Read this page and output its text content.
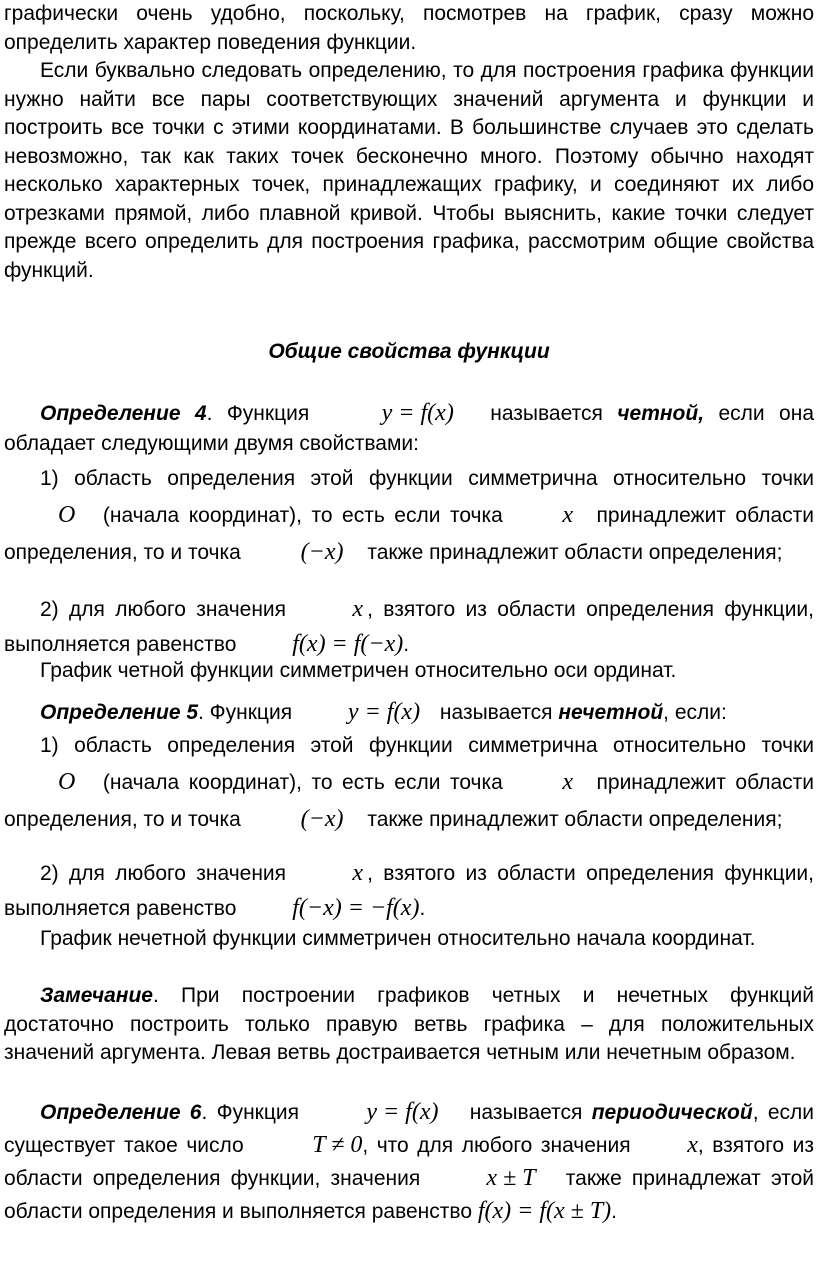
графически очень удобно, поскольку, посмотрев на график, сразу можно определить характер поведения функции.
Если буквально следовать определению, то для построения графика функции нужно найти все пары соответствующих значений аргумента и функции и построить все точки с этими координатами. В большинстве случаев это сделать невозможно, так как таких точек бесконечно много. Поэтому обычно находят несколько характерных точек, принадлежащих графику, и соединяют их либо отрезками прямой, либо плавной кривой. Чтобы выяснить, какие точки следует прежде всего определить для построения графика, рассмотрим общие свойства функций.
Общие свойства функции
Определение 4. Функция	y = f(x) называется четной, если она обладает следующими двумя свойствами:
1) область определения этой функции симметрична относительно точки O (начала координат), то есть если точка x принадлежит области определения, то и точка (−x) также принадлежит области определения;
2) для любого значения	x , взятого из области определения функции, выполняется равенство f(x) = f(−x).
График четной функции симметричен относительно оси ординат.
Определение 5. Функция y = f(x) называется нечетной, если:
1) область определения этой функции симметрична относительно точки O (начала координат), то есть если точка x принадлежит области определения, то и точка (−x) также принадлежит области определения;
2) для любого значения	x , взятого из области определения функции, выполняется равенство f(−x) = −f(x).
График нечетной функции симметричен относительно начала координат.
Замечание. При построении графиков четных и нечетных функций достаточно построить только правую ветвь графика – для положительных значений аргумента. Левая ветвь достраивается четным или нечетным образом.
Определение 6. Функция	y = f(x) называется периодической, если существует такое число	T ≠ 0, что для любого значения x, взятого из области определения функции, значения	x ± T также принадлежат этой области определения и выполняется равенство f(x) = f(x ± T).
